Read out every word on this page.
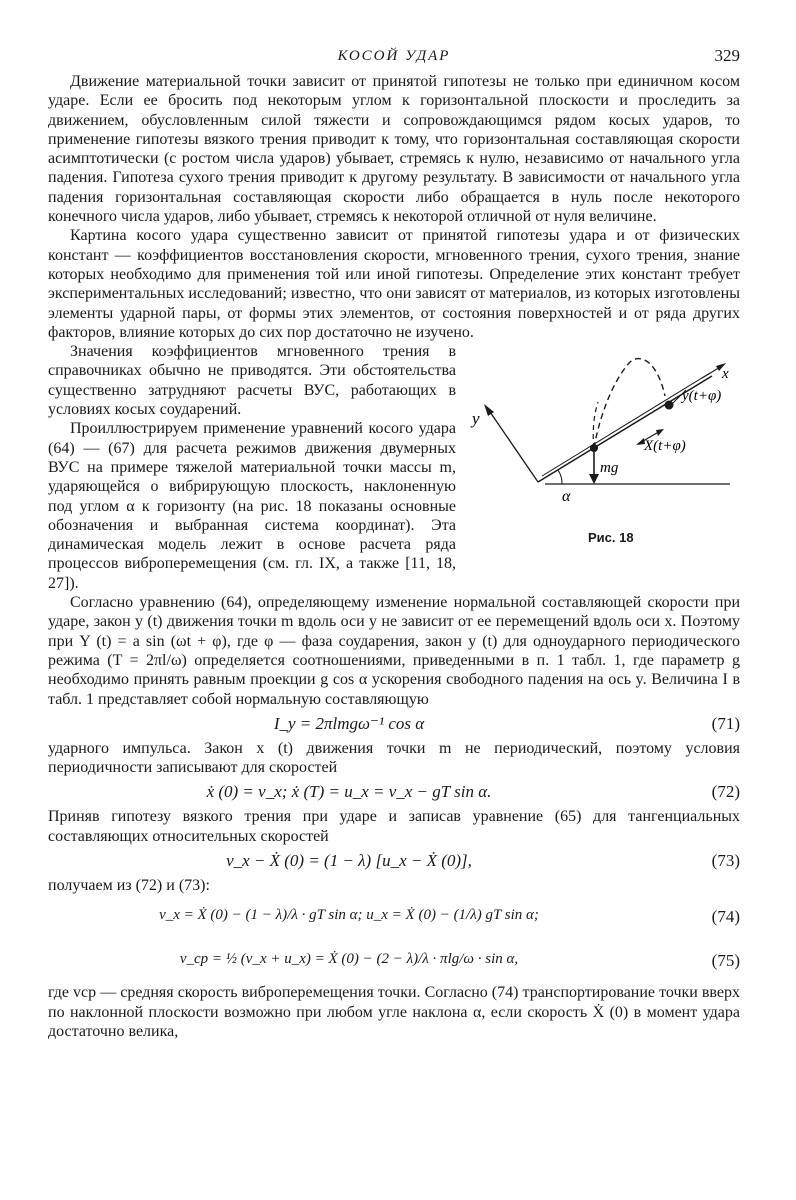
КОСОЙ УДАР	329

Движение материальной точки зависит от принятой гипотезы не только при единичном косом ударе. Если ее бросить под некоторым углом к горизонтальной плоскости и проследить за движением, обусловленным силой тяжести и сопровождающимся рядом косых ударов, то применение гипотезы вязкого трения приводит к тому, что горизонтальная составляющая скорости асимптотически (с ростом числа ударов) убывает, стремясь к нулю, независимо от начального угла падения. Гипотеза сухого трения приводит к другому результату. В зависимости от начального угла падения горизонтальная составляющая скорости либо обращается в нуль после некоторого конечного числа ударов, либо убывает, стремясь к некоторой отличной от нуля величине.

Картина косого удара существенно зависит от принятой гипотезы удара и от физических констант — коэффициентов восстановления скорости, мгновенного трения, сухого трения, знание которых необходимо для применения той или иной гипотезы. Определение этих констант требует экспериментальных исследований; известно, что они зависят от материалов, из которых изготовлены элементы ударной пары, от формы этих элементов, от состояния поверхностей и от ряда других факторов, влияние которых до сих пор достаточно не изучено.

y
x
y(t+φ)
X(t+φ)
mg
α
Рис. 18

Значения коэффициентов мгновенного трения в справочниках обычно не приводятся. Эти обстоятельства существенно затрудняют расчеты ВУС, работающих в условиях косых соударений.

Проиллюстрируем применение уравнений косого удара (64) — (67) для расчета режимов движения двумерных ВУС на примере тяжелой материальной точки массы m, ударяющейся о вибрирующую плоскость, наклоненную под углом α к горизонту (на рис. 18 показаны основные обозначения и выбранная система координат). Эта динамическая модель лежит в основе расчета ряда процессов виброперемещения (см. гл. IX, а также [11, 18, 27]).

Согласно уравнению (64), определяющему изменение нормальной составляющей скорости при ударе, закон y (t) движения точки m вдоль оси y не зависит от ее перемещений вдоль оси x. Поэтому при Y (t) = a sin (ωt + φ), где φ — фаза соударения, закон y (t) для одноударного периодического режима (T = 2πl/ω) определяется соотношениями, приведенными в п. 1 табл. 1, где параметр g необходимо принять равным проекции g cos α ускорения свободного падения на ось y. Величина I в табл. 1 представляет собой нормальную составляющую

I_y = 2πlmgω⁻¹ cos α	(71)

ударного импульса. Закон x (t) движения точки m не периодический, поэтому условия периодичности записывают для скоростей

ẋ (0) = v_x; ẋ (T) = u_x = v_x − gT sin α.	(72)

Приняв гипотезу вязкого трения при ударе и записав уравнение (65) для тангенциальных составляющих относительных скоростей

v_x − Ẋ (0) = (1 − λ) [u_x − Ẋ (0)],	(73)

получаем из (72) и (73):

v_x = Ẋ (0) − (1 − λ)/λ · gT sin α; u_x = Ẋ (0) − (1/λ) gT sin α;	(74)
v_ср = ½ (v_x + u_x) = Ẋ (0) − (2 − λ)/λ · πlg/ω · sin α,	(75)

где vср — средняя скорость виброперемещения точки. Согласно (74) транспортирование точки вверх по наклонной плоскости возможно при любом угле наклона α, если скорость Ẋ (0) в момент удара достаточно велика,
